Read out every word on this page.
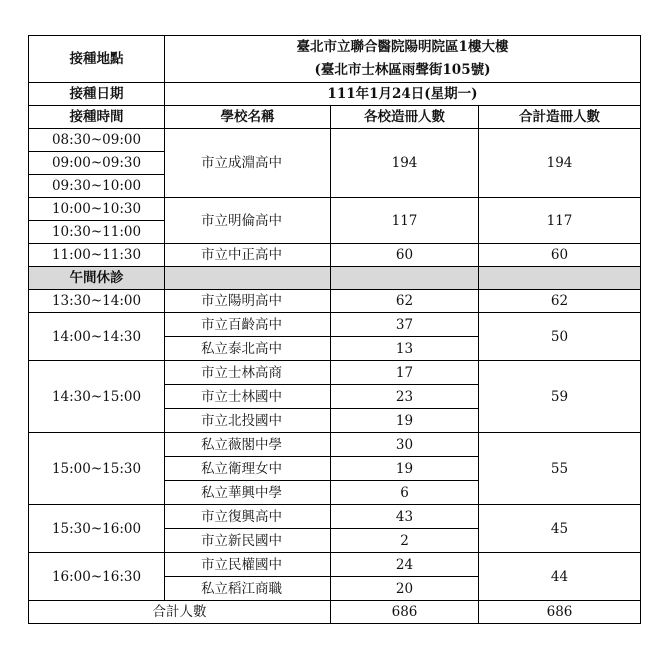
接種地點	臺北市立聯合醫院陽明院區1樓大樓
(臺北市士林區雨聲街105號)		

接種日期	111年1月24日(星期一)		
接種時間	學校名稱	各校造冊人數	合計造冊人數
08:30~09:00	市立成淵高中	194	194
09:00~09:30			
09:30~10:00			
10:00~10:30	市立明倫高中	117	117
10:30~11:00			
11:00~11:30	市立中正高中	60	60
午間休診			
13:30~14:00	市立陽明高中	62	62
14:00~14:30	市立百齡高中	37	50
	私立泰北高中	13	
14:30~15:00	市立士林高商	17	59
	市立士林國中	23	
	市立北投國中	19	
15:00~15:30	私立薇閣中學	30	55
	私立衛理女中	19	
	私立華興中學	6	
15:30~16:00	市立復興高中	43	45
	市立新民國中	2	
16:00~16:30	市立民權國中	24	44
	私立稻江商職	20	
合計人數		686	686
